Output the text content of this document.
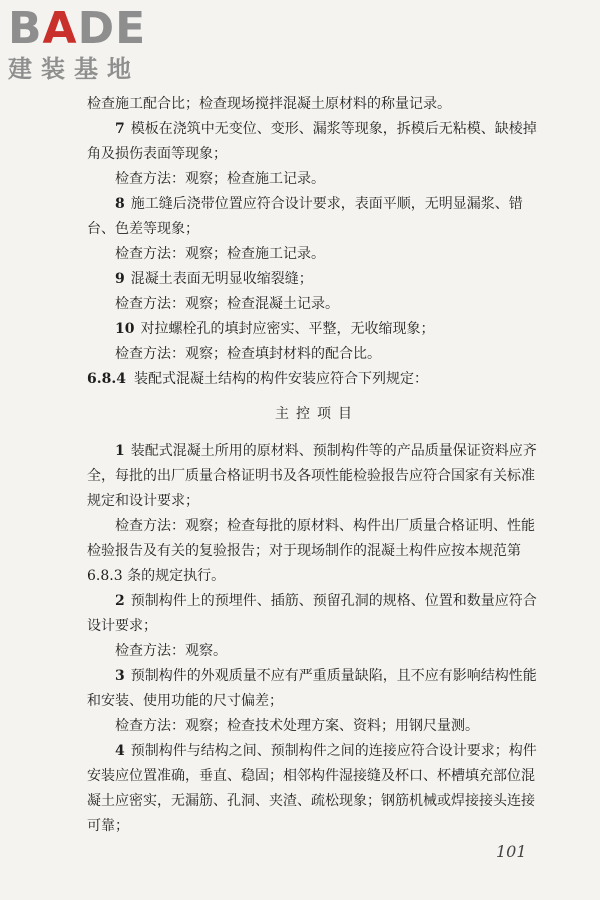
BADE
建装基地

检查施工配合比；检查现场搅拌混凝土原材料的称量记录。

7 模板在浇筑中无变位、变形、漏浆等现象，拆模后无粘模、缺棱掉角及损伤表面等现象；

检查方法：观察；检查施工记录。

8 施工缝后浇带位置应符合设计要求，表面平顺，无明显漏浆、错台、色差等现象；

检查方法：观察；检查施工记录。

9 混凝土表面无明显收缩裂缝；

检查方法：观察；检查混凝土记录。

10 对拉螺栓孔的填封应密实、平整，无收缩现象；

检查方法：观察；检查填封材料的配合比。

6.8.4 装配式混凝土结构的构件安装应符合下列规定：

主控项目

1 装配式混凝土所用的原材料、预制构件等的产品质量保证资料应齐全，每批的出厂质量合格证明书及各项性能检验报告应符合国家有关标准规定和设计要求；

检查方法：观察；检查每批的原材料、构件出厂质量合格证明、性能检验报告及有关的复验报告；对于现场制作的混凝土构件应按本规范第 6.8.3 条的规定执行。

2 预制构件上的预埋件、插筋、预留孔洞的规格、位置和数量应符合设计要求；

检查方法：观察。

3 预制构件的外观质量不应有严重质量缺陷，且不应有影响结构性能和安装、使用功能的尺寸偏差；

检查方法：观察；检查技术处理方案、资料；用钢尺量测。

4 预制构件与结构之间、预制构件之间的连接应符合设计要求；构件安装应位置准确，垂直、稳固；相邻构件湿接缝及杯口、杯槽填充部位混凝土应密实，无漏筋、孔洞、夹渣、疏松现象；钢筋机械或焊接接头连接可靠；

101
